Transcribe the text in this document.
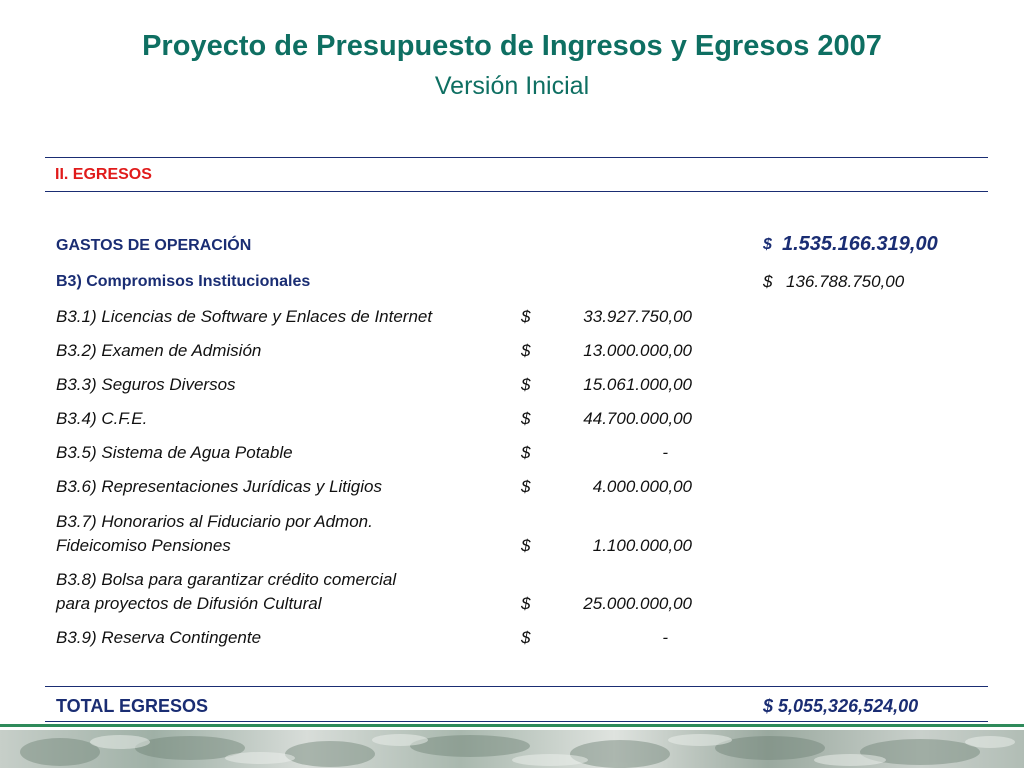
Proyecto de Presupuesto de Ingresos y Egresos 2007
Versión Inicial
II. EGRESOS
GASTOS DE OPERACIÓN	$ 1.535.166.319,00
B3) Compromisos Institucionales	$ 136.788.750,00
B3.1) Licencias de Software y Enlaces de Internet	$	33.927.750,00
B3.2) Examen de Admisión	$	13.000.000,00
B3.3) Seguros Diversos	$	15.061.000,00
B3.4) C.F.E.	$	44.700.000,00
B3.5) Sistema de Agua Potable	$	-
B3.6) Representaciones Jurídicas y Litigios	$	4.000.000,00
B3.7) Honorarios al Fiduciario por Admon.
Fideicomiso Pensiones	$	1.100.000,00
B3.8) Bolsa para garantizar crédito comercial
para proyectos de Difusión Cultural	$	25.000.000,00
B3.9) Reserva Contingente	$	-
TOTAL EGRESOS	$ 5,055,326,524,00
